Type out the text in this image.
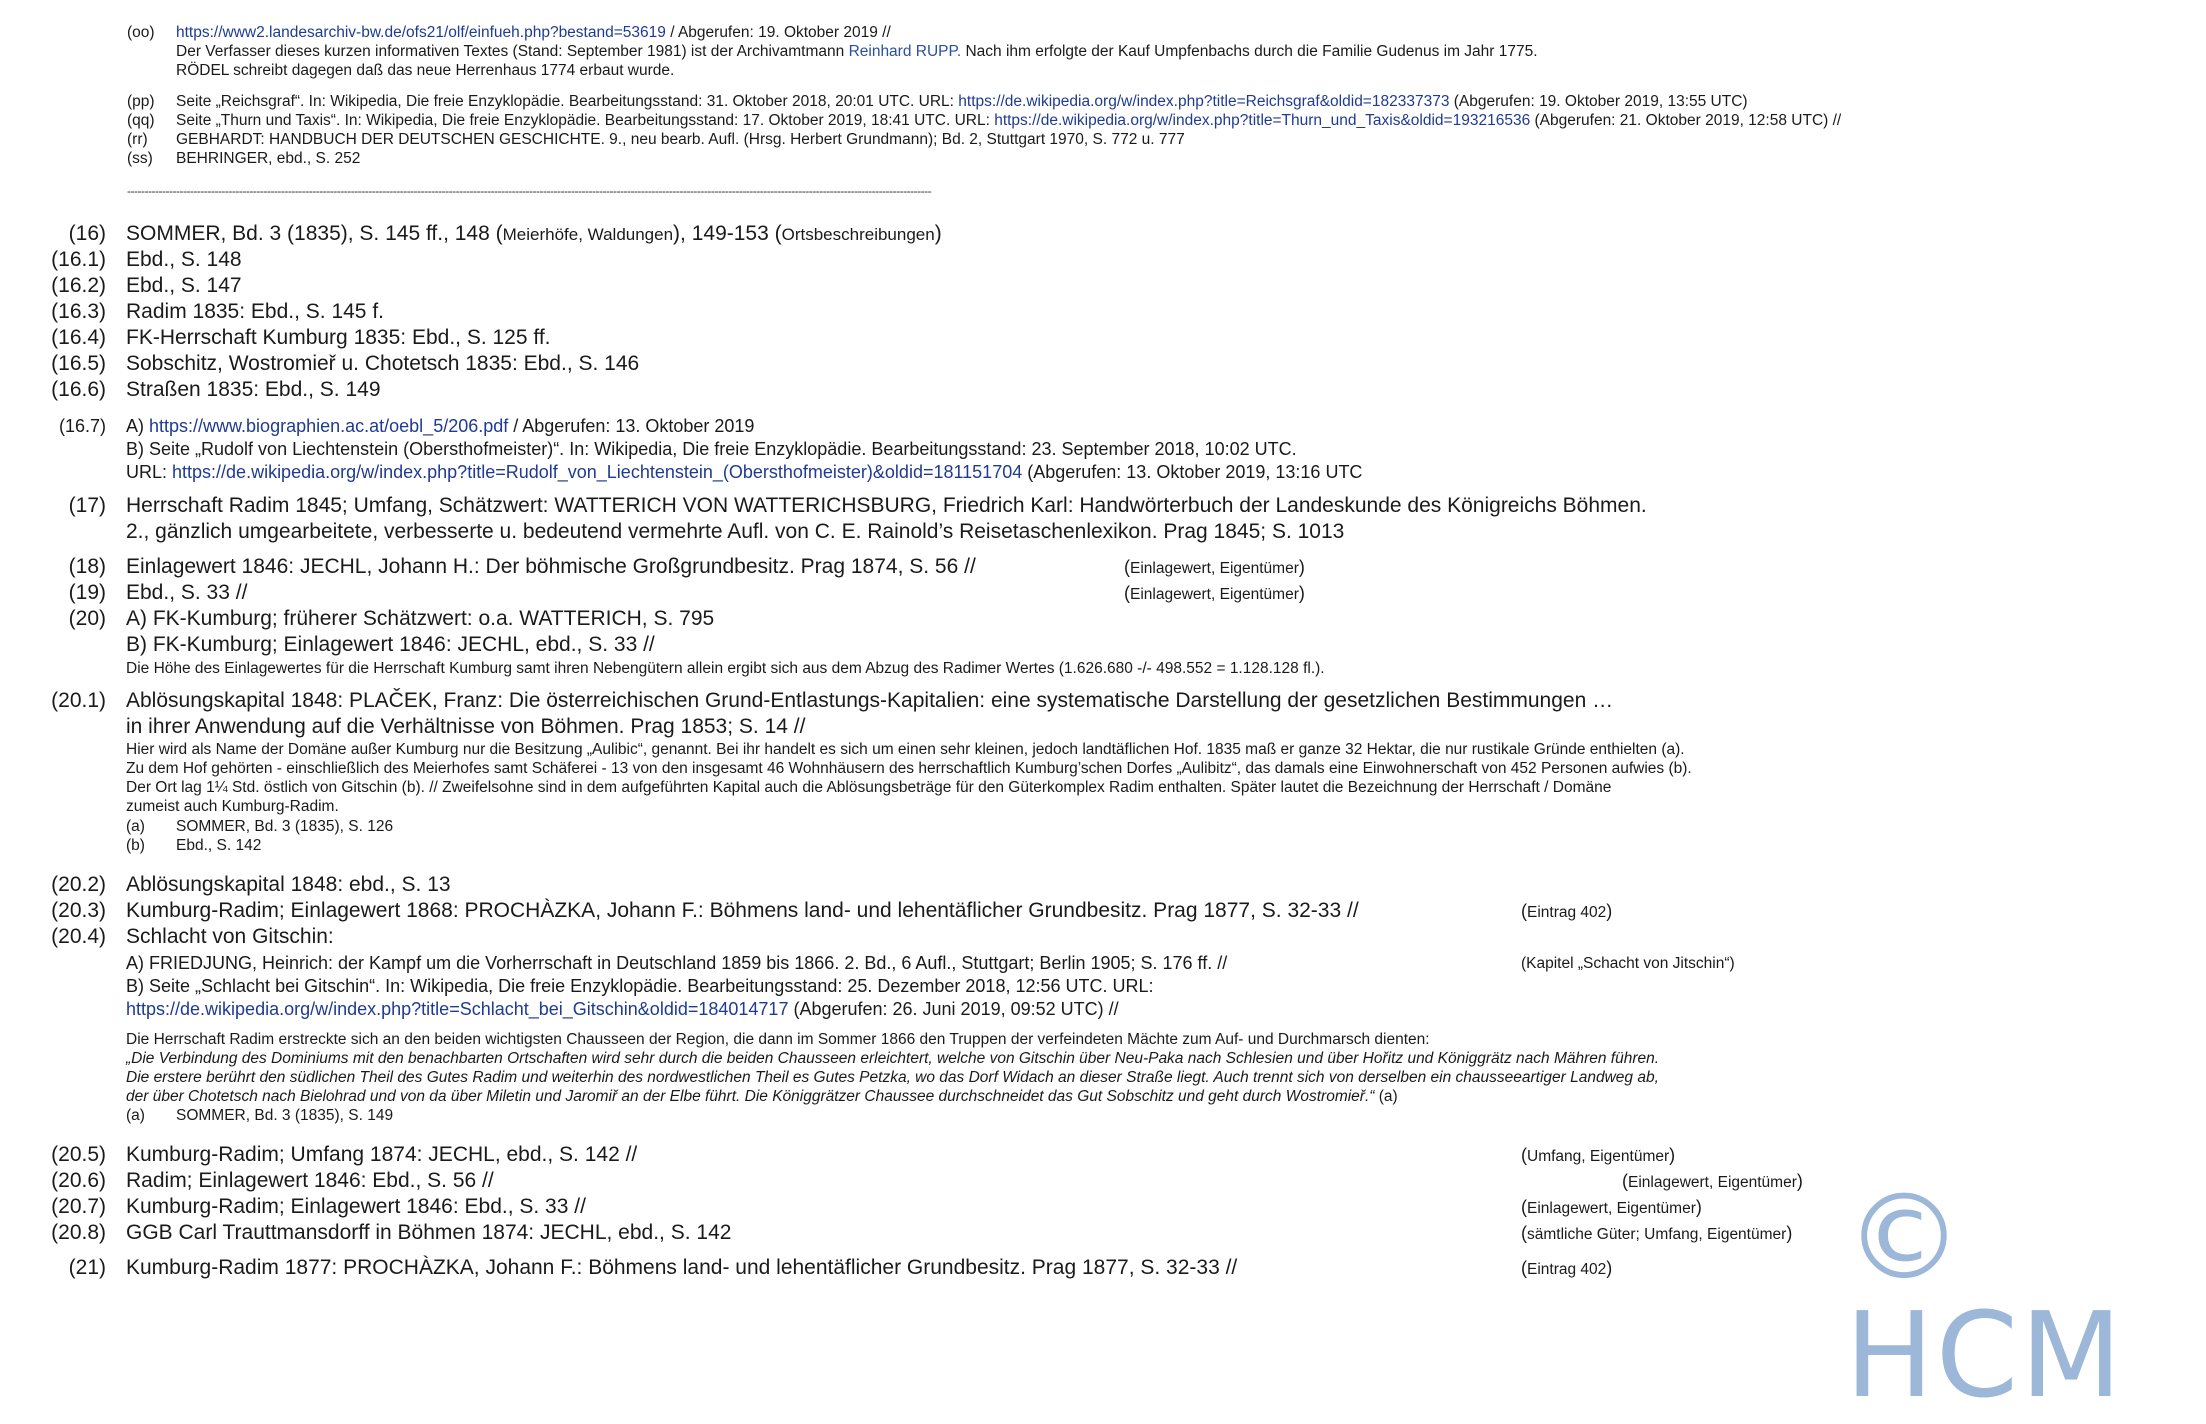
(oo) https://www2.landesarchiv-bw.de/ofs21/olf/einfueh.php?bestand=53619 / Abgerufen: 19. Oktober 2019 //
Der Verfasser dieses kurzen informativen Textes (Stand: September 1981) ist der Archivamtmann Reinhard RUPP. Nach ihm erfolgte der Kauf Umpfenbachs durch die Familie Gudenus im Jahr 1775.
RÖDEL schreibt dagegen daß das neue Herrenhaus 1774 erbaut wurde.
(pp) Seite „Reichsgraf“. In: Wikipedia, Die freie Enzyklopädie. Bearbeitungsstand: 31. Oktober 2018, 20:01 UTC. URL: https://de.wikipedia.org/w/index.php?title=Reichsgraf&oldid=182337373 (Abgerufen: 19. Oktober 2019, 13:55 UTC)
(qq) Seite „Thurn und Taxis“. In: Wikipedia, Die freie Enzyklopädie. Bearbeitungsstand: 17. Oktober 2019, 18:41 UTC. URL: https://de.wikipedia.org/w/index.php?title=Thurn_und_Taxis&oldid=193216536 (Abgerufen: 21. Oktober 2019, 12:58 UTC) //
(rr) GEBHARDT: HANDBUCH DER DEUTSCHEN GESCHICHTE. 9., neu bearb. Aufl. (Hrsg. Herbert Grundmann); Bd. 2, Stuttgart 1970, S. 772 u. 777
(ss) BEHRINGER, ebd., S. 252
--------------------------------------------------------------------------------------------------------------------------------------------------------------------------------------------------------------------------------------
(16) SOMMER, Bd. 3 (1835), S. 145 ff., 148 (Meierhöfe, Waldungen), 149-153 (Ortsbeschreibungen)
(16.1) Ebd., S. 148
(16.2) Ebd., S. 147
(16.3) Radim 1835: Ebd., S. 145 f.
(16.4) FK-Herrschaft Kumburg 1835: Ebd., S. 125 ff.
(16.5) Sobschitz, Wostromieř u. Chotetsch 1835: Ebd., S. 146
(16.6) Straßen 1835: Ebd., S. 149
(16.7) A) https://www.biographien.ac.at/oebl_5/206.pdf / Abgerufen: 13. Oktober 2019
B) Seite „Rudolf von Liechtenstein (Obersthofmeister)“. In: Wikipedia, Die freie Enzyklopädie. Bearbeitungsstand: 23. September 2018, 10:02 UTC.
URL: https://de.wikipedia.org/w/index.php?title=Rudolf_von_Liechtenstein_(Obersthofmeister)&oldid=181151704 (Abgerufen: 13. Oktober 2019, 13:16 UTC
(17) Herrschaft Radim 1845; Umfang, Schätzwert: WATTERICH VON WATTERICHSBURG, Friedrich Karl: Handwörterbuch der Landeskunde des Königreichs Böhmen.
2., gänzlich umgearbeitete, verbesserte u. bedeutend vermehrte Aufl. von C. E. Rainold’s Reisetaschenlexikon. Prag 1845; S. 1013
(18) Einlagewert 1846: JECHL, Johann H.: Der böhmische Großgrundbesitz. Prag 1874, S. 56 //	(Einlagewert, Eigentümer)
(19) Ebd., S. 33 //	(Einlagewert, Eigentümer)
(20) A) FK-Kumburg; früherer Schätzwert: o.a. WATTERICH, S. 795
B) FK-Kumburg; Einlagewert 1846: JECHL, ebd., S. 33 //
Die Höhe des Einlagewertes für die Herrschaft Kumburg samt ihren Nebengütern allein ergibt sich aus dem Abzug des Radimer Wertes (1.626.680 -/- 498.552 = 1.128.128 fl.).
(20.1) Ablösungskapital 1848: PLAČEK, Franz: Die österreichischen Grund-Entlastungs-Kapitalien: eine systematische Darstellung der gesetzlichen Bestimmungen …
in ihrer Anwendung auf die Verhältnisse von Böhmen. Prag 1853; S. 14 //
Hier wird als Name der Domäne außer Kumburg nur die Besitzung „Aulibic“, genannt. Bei ihr handelt es sich um einen sehr kleinen, jedoch landtäflichen Hof. 1835 maß er ganze 32 Hektar, die nur rustikale Gründe enthielten (a).
Zu dem Hof gehörten - einschließlich des Meierhofes samt Schäferei - 13 von den insgesamt 46 Wohnhäusern des herrschaftlich Kumburg’schen Dorfes „Aulibitz“, das damals eine Einwohnerschaft von 452 Personen aufwies (b).
Der Ort lag 1¼ Std. östlich von Gitschin (b). // Zweifelsohne sind in dem aufgeführten Kapital auch die Ablösungsbeträge für den Güterkomplex Radim enthalten. Später lautet die Bezeichnung der Herrschaft / Domäne
zumeist auch Kumburg-Radim.
(a) SOMMER, Bd. 3 (1835), S. 126
(b) Ebd., S. 142
(20.2) Ablösungskapital 1848: ebd., S. 13
(20.3) Kumburg-Radim; Einlagewert 1868: PROCHÀZKA, Johann F.: Böhmens land- und lehentäflicher Grundbesitz. Prag 1877, S. 32-33 //	(Eintrag 402)
(20.4) Schlacht von Gitschin:
A) FRIEDJUNG, Heinrich: der Kampf um die Vorherrschaft in Deutschland 1859 bis 1866. 2. Bd., 6 Aufl., Stuttgart; Berlin 1905; S. 176 ff. //	(Kapitel „Schacht von Jitschin“)
B) Seite „Schlacht bei Gitschin“. In: Wikipedia, Die freie Enzyklopädie. Bearbeitungsstand: 25. Dezember 2018, 12:56 UTC. URL:
https://de.wikipedia.org/w/index.php?title=Schlacht_bei_Gitschin&oldid=184014717 (Abgerufen: 26. Juni 2019, 09:52 UTC) //
Die Herrschaft Radim erstreckte sich an den beiden wichtigsten Chausseen der Region, die dann im Sommer 1866 den Truppen der verfeindeten Mächte zum Auf- und Durchmarsch dienten:
„Die Verbindung des Dominiums mit den benachbarten Ortschaften wird sehr durch die beiden Chausseen erleichtert, welche von Gitschin über Neu-Paka nach Schlesien und über Hořitz und Königgrätz nach Mähren führen.
Die erstere berührt den südlichen Theil des Gutes Radim und weiterhin des nordwestlichen Theil es Gutes Petzka, wo das Dorf Widach an dieser Straße liegt. Auch trennt sich von derselben ein chausseeartiger Landweg ab,
der über Chotetsch nach Bielohrad und von da über Miletin und Jaromiř an der Elbe führt. Die Königgrätzer Chaussee durchschneidet das Gut Sobschitz und geht durch Wostromieř.“ (a)
(a) SOMMER, Bd. 3 (1835), S. 149
(20.5) Kumburg-Radim; Umfang 1874: JECHL, ebd., S. 142 //	(Umfang, Eigentümer)
(20.6) Radim; Einlagewert 1846: Ebd., S. 56 //	(Einlagewert, Eigentümer)
(20.7) Kumburg-Radim; Einlagewert 1846: Ebd., S. 33 //	(Einlagewert, Eigentümer)
(20.8) GGB Carl Trauttmansdorff in Böhmen 1874: JECHL, ebd., S. 142	(sämtliche Güter; Umfang, Eigentümer)
(21) Kumburg-Radim 1877: PROCHÀZKA, Johann F.: Böhmens land- und lehentäflicher Grundbesitz. Prag 1877, S. 32-33 //	(Eintrag 402) © HCM
